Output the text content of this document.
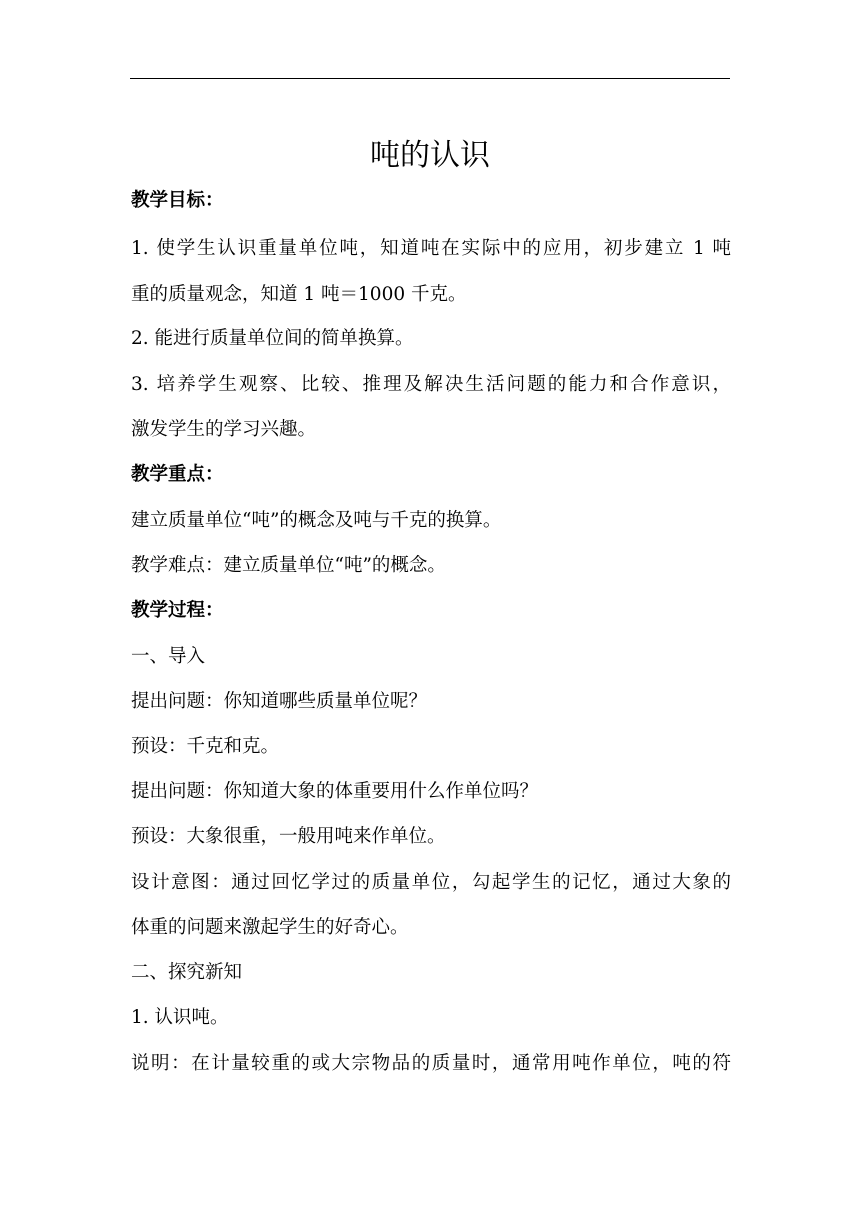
吨的认识
教学目标：
1. 使学生认识重量单位吨，知道吨在实际中的应用，初步建立 1 吨
重的质量观念，知道 1 吨＝1000 千克。
2. 能进行质量单位间的简单换算。
3. 培养学生观察、比较、推理及解决生活问题的能力和合作意识，
激发学生的学习兴趣。
教学重点：
建立质量单位“吨”的概念及吨与千克的换算。
教学难点：建立质量单位“吨”的概念。
教学过程：
一、导入
提出问题：你知道哪些质量单位呢？
预设：千克和克。
提出问题：你知道大象的体重要用什么作单位吗？
预设：大象很重，一般用吨来作单位。
设计意图：通过回忆学过的质量单位，勾起学生的记忆，通过大象的
体重的问题来激起学生的好奇心。
二、探究新知
1. 认识吨。
说明：在计量较重的或大宗物品的质量时，通常用吨作单位，吨的符
